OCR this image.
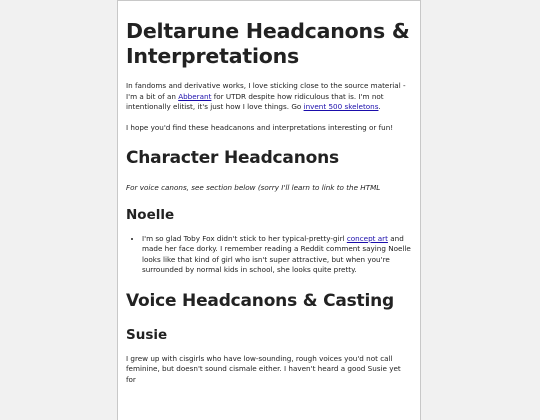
Deltarune Headcanons & Interpretations

In fandoms and derivative works, I love sticking close to the source material - I'm a bit of an Abberant for UTDR despite how ridiculous that is. I'm not intentionally elitist, it's just how I love things. Go invent 500 skeletons.

I hope you'd find these headcanons and interpretations interesting or fun!

Character Headcanons

For voice canons, see section below (sorry I'll learn to link to the HTML

Noelle
• I'm so glad Toby Fox didn't stick to her typical-pretty-girl concept art and made her face dorky. I remember reading a Reddit comment saying Noelle looks like that kind of girl who isn't super attractive, but when you're surrounded by normal kids in school, she looks quite pretty.
Voice Headcanons & Casting
Susie

I grew up with cisgirls who have low-sounding, rough voices you'd not call feminine, but doesn't sound cismale either. I haven't heard a good Susie yet for
